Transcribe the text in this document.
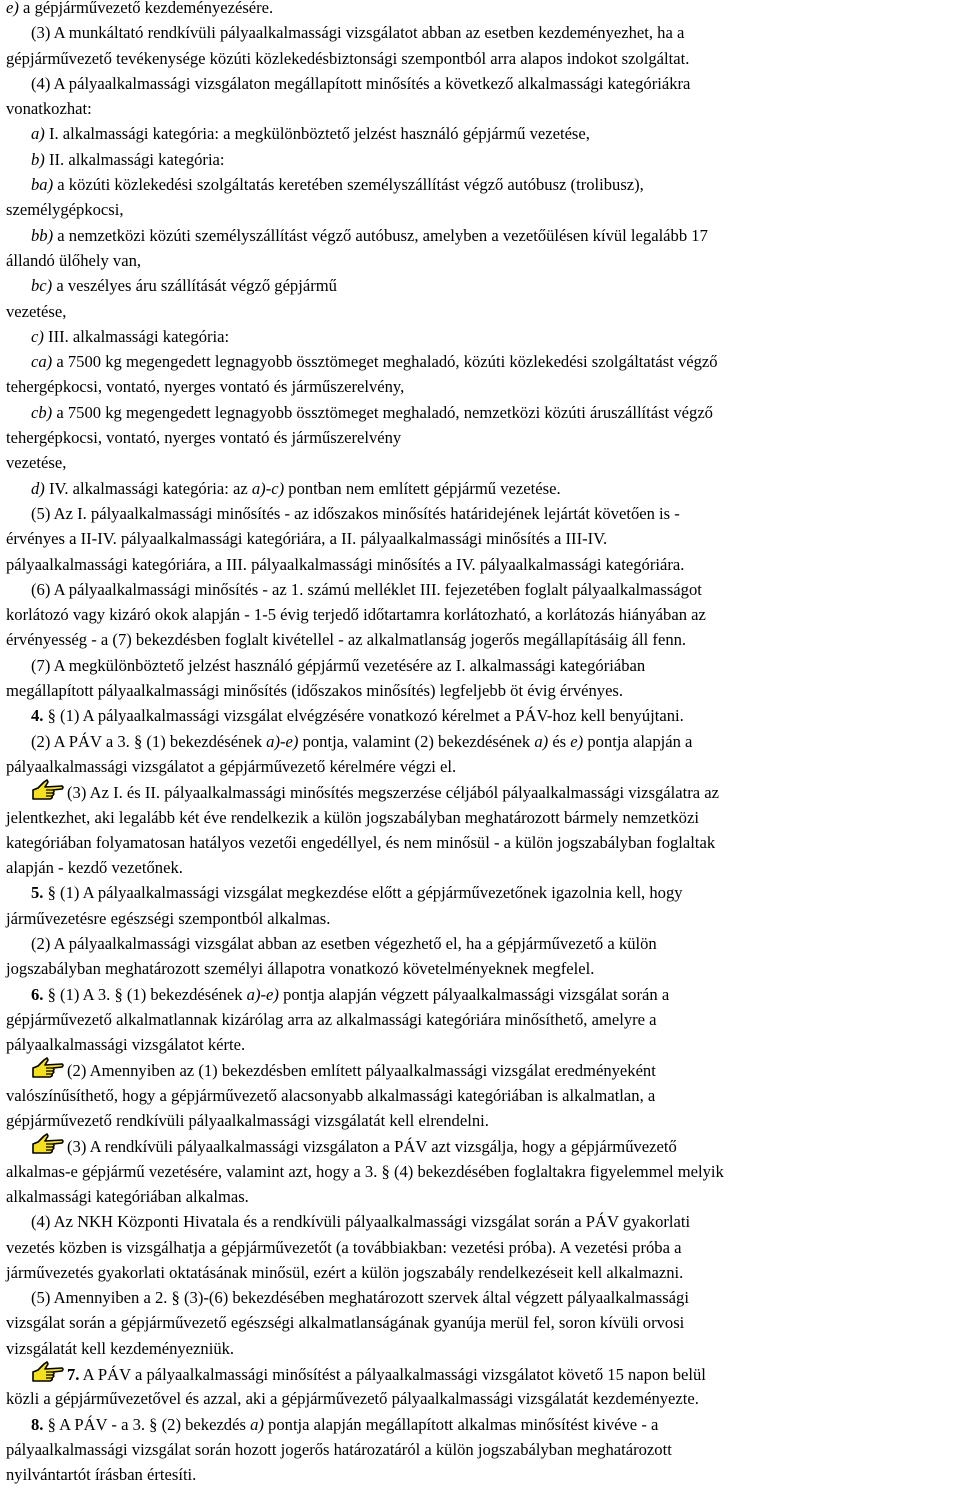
e) a gépjárművezető kezdeményezésére.
(3) A munkáltató rendkívüli pályaalkalmassági vizsgálatot abban az esetben kezdeményezhet, ha a
gépjárművezető tevékenysége közúti közlekedésbiztonsági szempontból arra alapos indokot szolgáltat.
(4) A pályaalkalmassági vizsgálaton megállapított minősítés a következő alkalmassági kategóriákra
vonatkozhat:
a) I. alkalmassági kategória: a megkülönböztető jelzést használó gépjármű vezetése,
b) II. alkalmassági kategória:
ba) a közúti közlekedési szolgáltatás keretében személyszállítást végző autóbusz (trolibusz),
személygépkocsi,
bb) a nemzetközi közúti személyszállítást végző autóbusz, amelyben a vezetőülésen kívül legalább 17
állandó ülőhely van,
bc) a veszélyes áru szállítását végző gépjármű
vezetése,
c) III. alkalmassági kategória:
ca) a 7500 kg megengedett legnagyobb össztömeget meghaladó, közúti közlekedési szolgáltatást végző
tehergépkocsi, vontató, nyerges vontató és járműszerelvény,
cb) a 7500 kg megengedett legnagyobb össztömeget meghaladó, nemzetközi közúti áruszállítást végző
tehergépkocsi, vontató, nyerges vontató és járműszerelvény
vezetése,
d) IV. alkalmassági kategória: az a)-c) pontban nem említett gépjármű vezetése.
(5) Az I. pályaalkalmassági minősítés - az időszakos minősítés határidejének lejártát követően is -
érvényes a II-IV. pályaalkalmassági kategóriára, a II. pályaalkalmassági minősítés a III-IV.
pályaalkalmassági kategóriára, a III. pályaalkalmassági minősítés a IV. pályaalkalmassági kategóriára.
(6) A pályaalkalmassági minősítés - az 1. számú melléklet III. fejezetében foglalt pályaalkalmasságot
korlátozó vagy kizáró okok alapján - 1-5 évig terjedő időtartamra korlátozható, a korlátozás hiányában az
érvényesség - a (7) bekezdésben foglalt kivétellel - az alkalmatlanság jogerős megállapításáig áll fenn.
(7) A megkülönböztető jelzést használó gépjármű vezetésére az I. alkalmassági kategóriában
megállapított pályaalkalmassági minősítés (időszakos minősítés) legfeljebb öt évig érvényes.
4. § (1) A pályaalkalmassági vizsgálat elvégzésére vonatkozó kérelmet a PÁV-hoz kell benyújtani.
(2) A PÁV a 3. § (1) bekezdésének a)-e) pontja, valamint (2) bekezdésének a) és e) pontja alapján a
pályaalkalmassági vizsgálatot a gépjárművezető kérelmére végzi el.
(3) Az I. és II. pályaalkalmassági minősítés megszerzése céljából pályaalkalmassági vizsgálatra az
jelentkezhet, aki legalább két éve rendelkezik a külön jogszabályban meghatározott bármely nemzetközi
kategóriában folyamatosan hatályos vezetői engedéllyel, és nem minősül - a külön jogszabályban foglaltak
alapján - kezdő vezetőnek.
5. § (1) A pályaalkalmassági vizsgálat megkezdése előtt a gépjárművezetőnek igazolnia kell, hogy
járművezetésre egészségi szempontból alkalmas.
(2) A pályaalkalmassági vizsgálat abban az esetben végezhető el, ha a gépjárművezető a külön
jogszabályban meghatározott személyi állapotra vonatkozó követelményeknek megfelel.
6. § (1) A 3. § (1) bekezdésének a)-e) pontja alapján végzett pályaalkalmassági vizsgálat során a
gépjárművezető alkalmatlannak kizárólag arra az alkalmassági kategóriára minősíthető, amelyre a
pályaalkalmassági vizsgálatot kérte.
(2) Amennyiben az (1) bekezdésben említett pályaalkalmassági vizsgálat eredményeként
valószínűsíthető, hogy a gépjárművezető alacsonyabb alkalmassági kategóriában is alkalmatlan, a
gépjárművezető rendkívüli pályaalkalmassági vizsgálatát kell elrendelni.
(3) A rendkívüli pályaalkalmassági vizsgálaton a PÁV azt vizsgálja, hogy a gépjárművezető
alkalmas-e gépjármű vezetésére, valamint azt, hogy a 3. § (4) bekezdésében foglaltakra figyelemmel melyik
alkalmassági kategóriában alkalmas.
(4) Az NKH Központi Hivatala és a rendkívüli pályaalkalmassági vizsgálat során a PÁV gyakorlati
vezetés közben is vizsgálhatja a gépjárművezetőt (a továbbiakban: vezetési próba). A vezetési próba a
járművezetés gyakorlati oktatásának minősül, ezért a külön jogszabály rendelkezéseit kell alkalmazni.
(5) Amennyiben a 2. § (3)-(6) bekezdésében meghatározott szervek által végzett pályaalkalmassági
vizsgálat során a gépjárművezető egészségi alkalmatlanságának gyanúja merül fel, soron kívüli orvosi
vizsgálatát kell kezdeményezniük.
7. A PÁV a pályaalkalmassági minősítést a pályaalkalmassági vizsgálatot követő 15 napon belül
közli a gépjárművezetővel és azzal, aki a gépjárművezető pályaalkalmassági vizsgálatát kezdeményezte.
8. § A PÁV - a 3. § (2) bekezdés a) pontja alapján megállapított alkalmas minősítést kivéve - a
pályaalkalmassági vizsgálat során hozott jogerős határozatáról a külön jogszabályban meghatározott
nyilvántartót írásban értesíti.
